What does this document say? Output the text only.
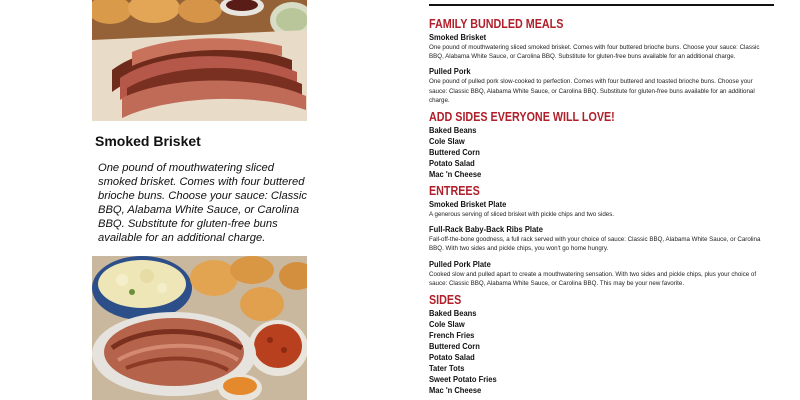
Smoked Brisket

One pound of mouthwatering sliced smoked brisket. Comes with four buttered brioche buns. Choose your sauce: Classic BBQ, Alabama White Sauce, or Carolina BBQ. Substitute for gluten-free buns available for an additional charge.

FAMILY BUNDLED MEALS

Smoked Brisket

One pound of mouthwatering sliced smoked brisket. Comes with four buttered brioche buns. Choose your sauce: Classic BBQ, Alabama White Sauce, or Carolina BBQ. Substitute for gluten-free buns available for an additional charge.

Pulled Pork

One pound of pulled pork slow-cooked to perfection. Comes with four buttered and toasted brioche buns. Choose your sauce: Classic BBQ, Alabama White Sauce, or Carolina BBQ. Substitute for gluten-free buns available for an additional charge.

ADD SIDES EVERYONE WILL LOVE!

Baked Beans

Cole Slaw

Buttered Corn

Potato Salad

Mac 'n Cheese

ENTREES

Smoked Brisket Plate

A generous serving of sliced brisket with pickle chips and two sides.

Full-Rack Baby-Back Ribs Plate

Fall-off-the-bone goodness, a full rack served with your choice of sauce: Classic BBQ, Alabama White Sauce, or Carolina BBQ. With two sides and pickle chips, you won't go home hungry.

Pulled Pork Plate

Cooked slow and pulled apart to create a mouthwatering sensation. With two sides and pickle chips, plus your choice of sauce: Classic BBQ, Alabama White Sauce, or Carolina BBQ. This may be your new favorite.

SIDES

Baked Beans

Cole Slaw

French Fries

Buttered Corn

Potato Salad

Tater Tots

Sweet Potato Fries

Mac 'n Cheese
